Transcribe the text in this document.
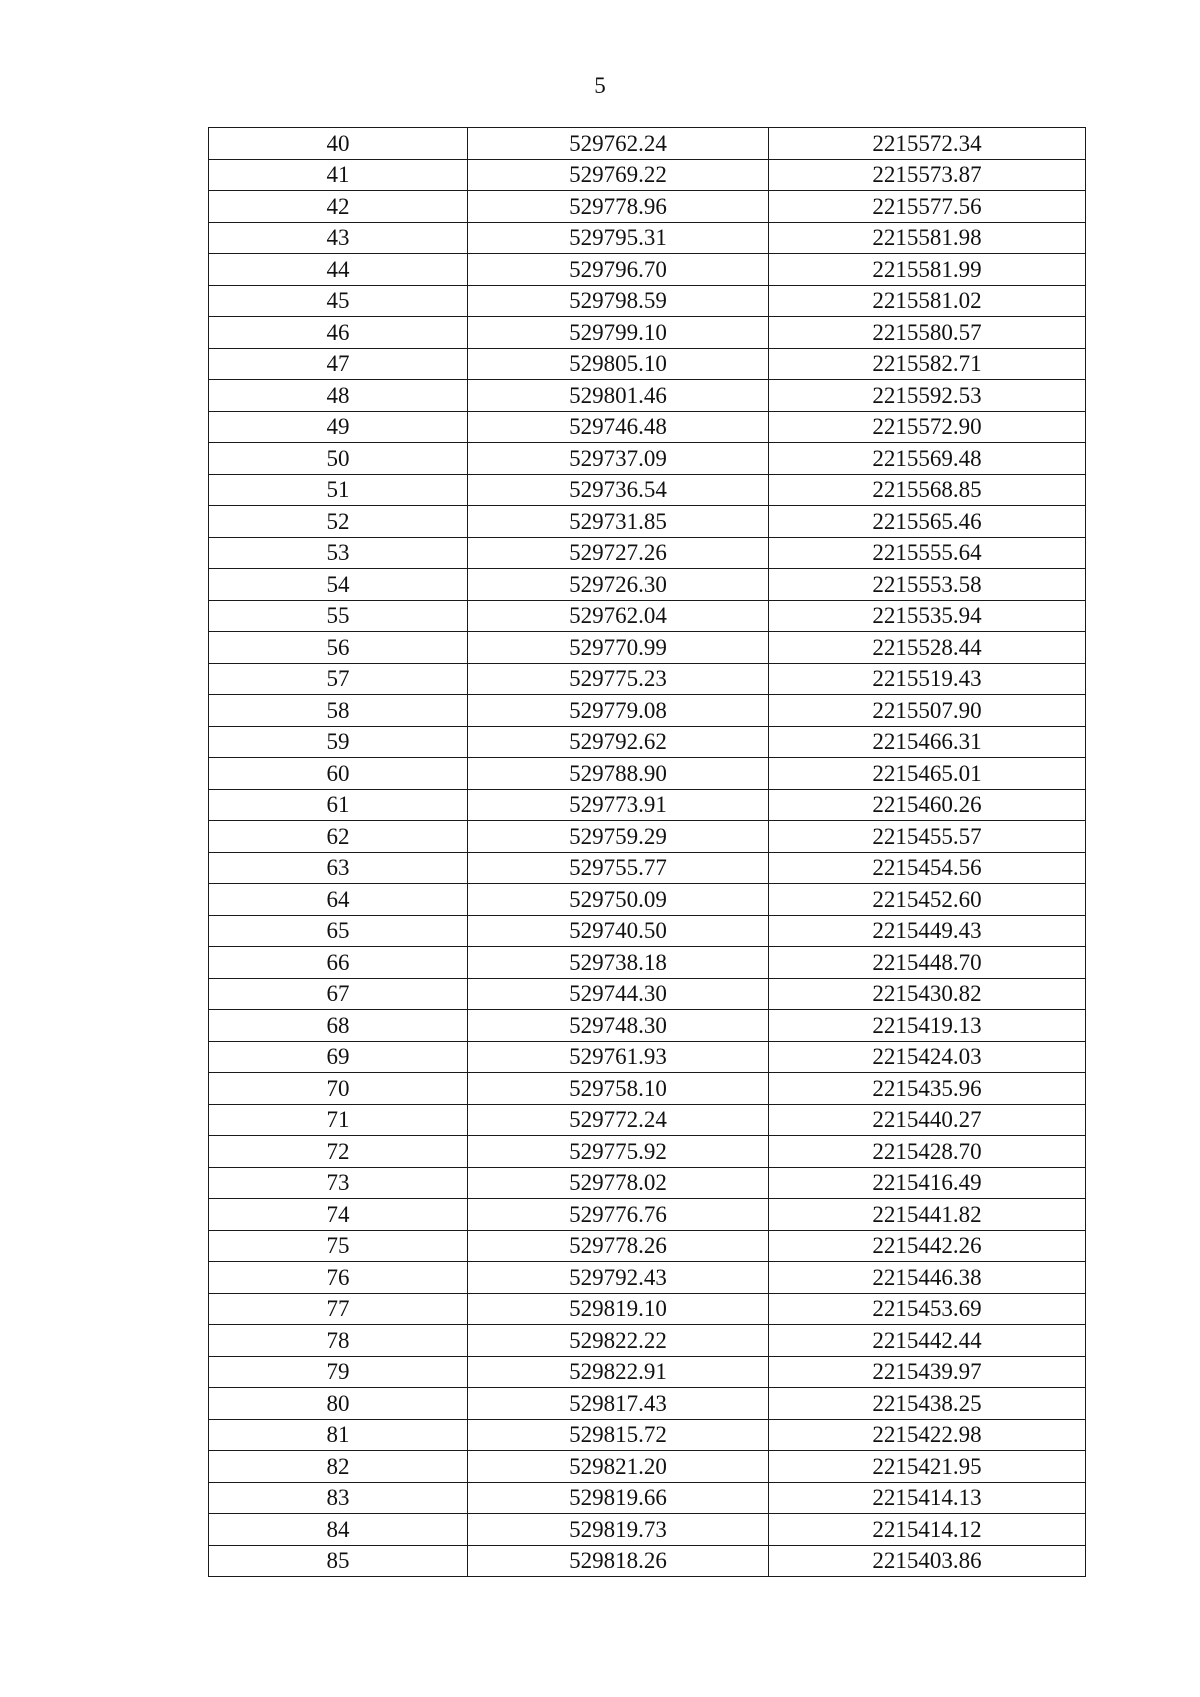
5
40	529762.24	2215572.34
41	529769.22	2215573.87
42	529778.96	2215577.56
43	529795.31	2215581.98
44	529796.70	2215581.99
45	529798.59	2215581.02
46	529799.10	2215580.57
47	529805.10	2215582.71
48	529801.46	2215592.53
49	529746.48	2215572.90
50	529737.09	2215569.48
51	529736.54	2215568.85
52	529731.85	2215565.46
53	529727.26	2215555.64
54	529726.30	2215553.58
55	529762.04	2215535.94
56	529770.99	2215528.44
57	529775.23	2215519.43
58	529779.08	2215507.90
59	529792.62	2215466.31
60	529788.90	2215465.01
61	529773.91	2215460.26
62	529759.29	2215455.57
63	529755.77	2215454.56
64	529750.09	2215452.60
65	529740.50	2215449.43
66	529738.18	2215448.70
67	529744.30	2215430.82
68	529748.30	2215419.13
69	529761.93	2215424.03
70	529758.10	2215435.96
71	529772.24	2215440.27
72	529775.92	2215428.70
73	529778.02	2215416.49
74	529776.76	2215441.82
75	529778.26	2215442.26
76	529792.43	2215446.38
77	529819.10	2215453.69
78	529822.22	2215442.44
79	529822.91	2215439.97
80	529817.43	2215438.25
81	529815.72	2215422.98
82	529821.20	2215421.95
83	529819.66	2215414.13
84	529819.73	2215414.12
85	529818.26	2215403.86
